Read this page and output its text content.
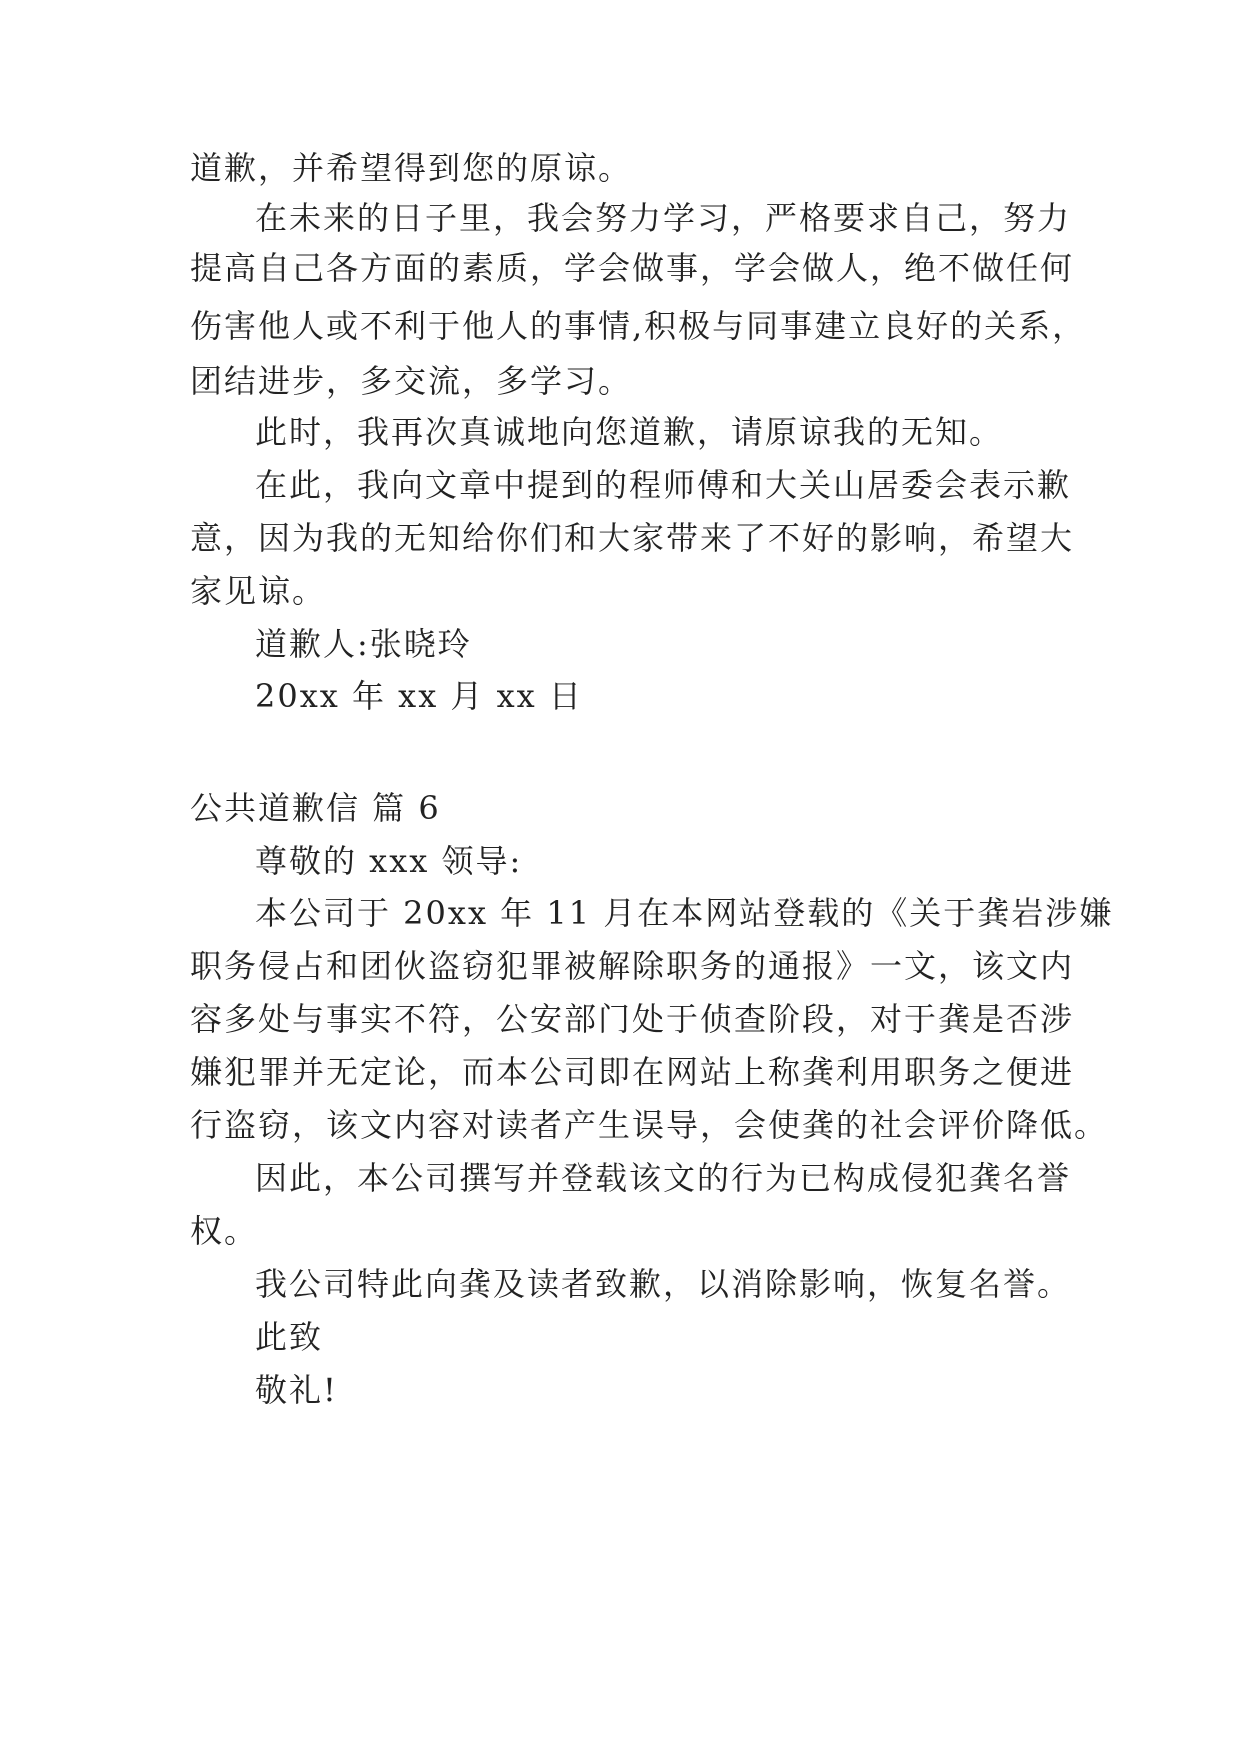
道歉，并希望得到您的原谅。
在未来的日子里，我会努力学习，严格要求自己，努力
提高自己各方面的素质，学会做事，学会做人，绝不做任何
伤害他人或不利于他人的事情,积极与同事建立良好的关系，
团结进步，多交流，多学习。
此时，我再次真诚地向您道歉，请原谅我的无知。
在此，我向文章中提到的程师傅和大关山居委会表示歉
意，因为我的无知给你们和大家带来了不好的影响，希望大
家见谅。
道歉人:张晓玲
20xx 年 xx 月 xx 日
公共道歉信 篇 6
尊敬的 xxx 领导:
本公司于 20xx 年 11 月在本网站登载的《关于龚岩涉嫌
职务侵占和团伙盗窃犯罪被解除职务的通报》一文，该文内
容多处与事实不符，公安部门处于侦查阶段，对于龚是否涉
嫌犯罪并无定论，而本公司即在网站上称龚利用职务之便进
行盗窃，该文内容对读者产生误导，会使龚的社会评价降低。
因此，本公司撰写并登载该文的行为已构成侵犯龚名誉
权。
我公司特此向龚及读者致歉，以消除影响，恢复名誉。
此致
敬礼!
